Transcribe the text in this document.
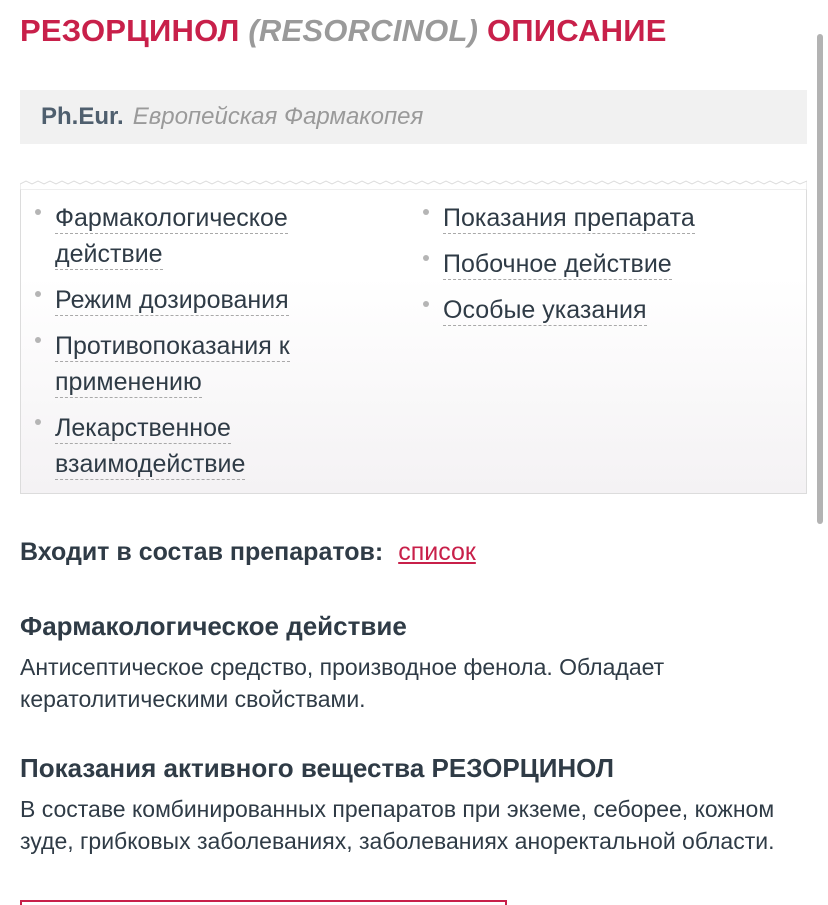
РЕЗОРЦИНОЛ (RESORCINOL) ОПИСАНИЕ
Ph.Eur. Европейская Фармакопея
Фармакологическое действие
Режим дозирования
Противопоказания к применению
Лекарственное взаимодействие
Показания препарата
Побочное действие
Особые указания
Входит в состав препаратов: список
Фармакологическое действие

Антисептическое средство, производное фенола. Обладает кератолитическими свойствами.

Показания активного вещества РЕЗОРЦИНОЛ

В составе комбинированных препаратов при экземе, себорее, кожном зуде, грибковых заболеваниях, заболеваниях аноректальной области.
